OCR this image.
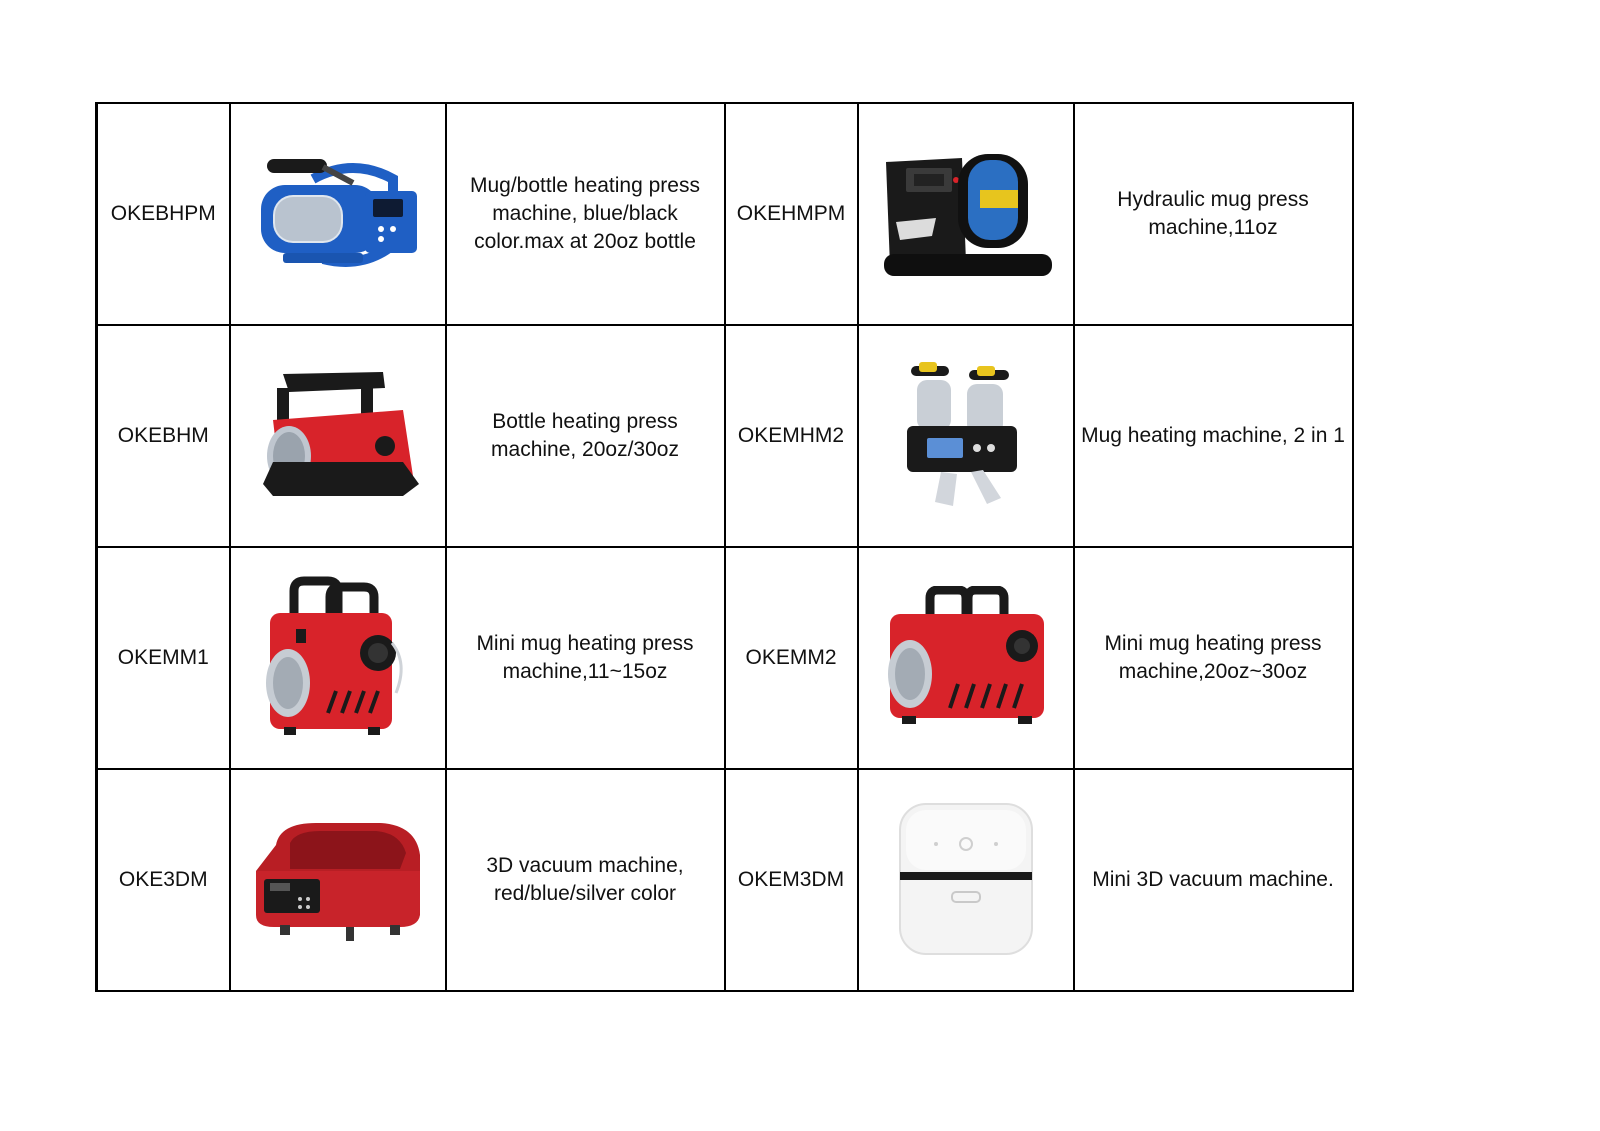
OKEBHPM		Mug/bottle heating press machine, blue/black color.max at 20oz bottle	OKEHMPM		Hydraulic mug press machine,11oz

OKEBHM		Bottle heating press machine, 20oz/30oz	OKEMHM2		Mug heating machine, 2 in 1

OKEMM1		Mini mug heating press machine,11~15oz	OKEMM2		Mini mug heating press machine,20oz~30oz

OKE3DM		3D vacuum machine, red/blue/silver color	OKEM3DM		Mini 3D vacuum machine.
